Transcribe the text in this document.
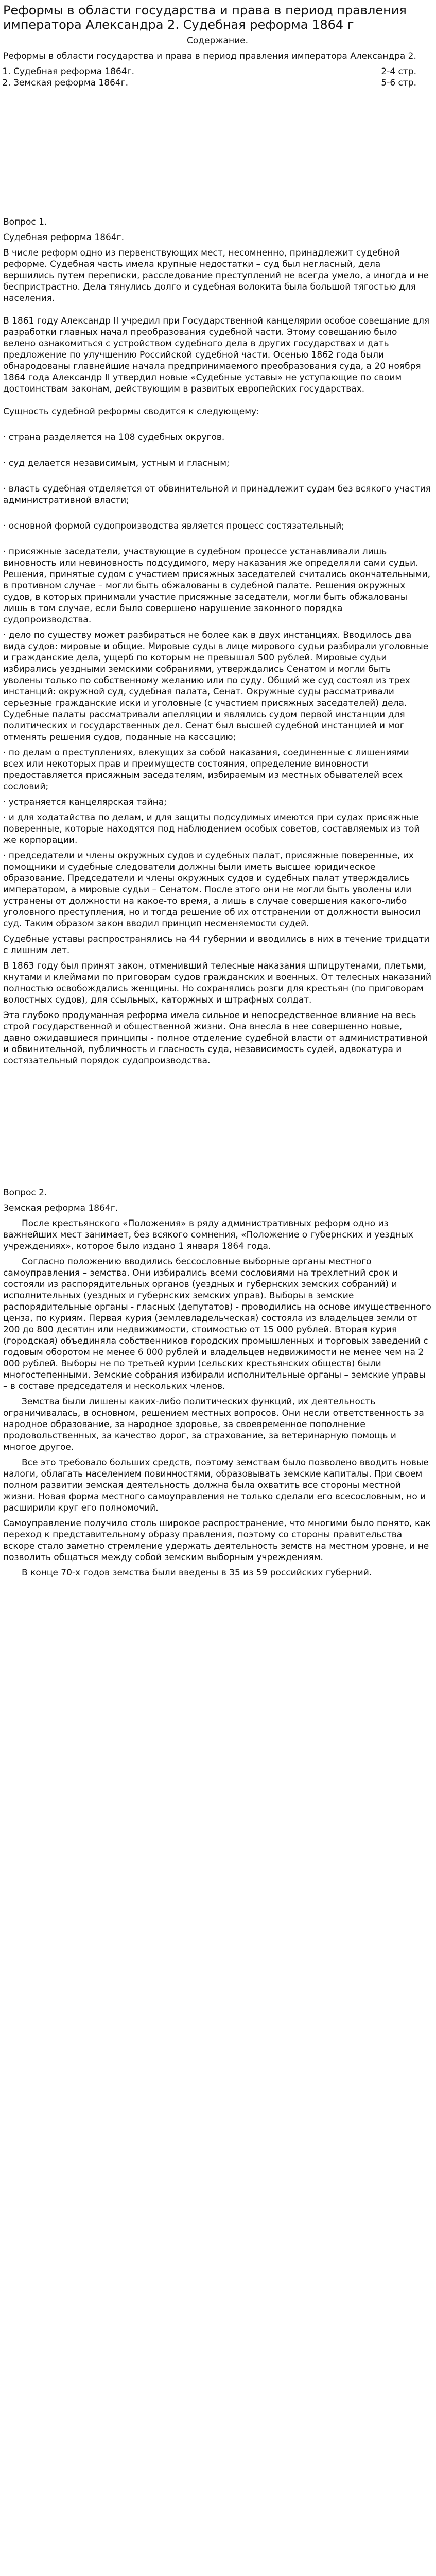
Реформы в области государства и права в период правления императора Александра 2. Судебная реформа 1864 г
Содержание.

Реформы в области государства и права в период правления императора Александра 2.

1. Судебная реформа 1864г.	2-4 стр.
2. Земская реформа 1864г.	5-6 стр.

Вопрос 1.

Судебная реформа 1864г.

В числе реформ одно из первенствующих мест, несомненно, принадлежит судебной реформе. Судебная часть имела крупные недостатки – суд был негласный, дела вершились путем переписки, расследование преступлений не всегда умело, а иногда и не беспристрастно. Дела тянулись долго и судебная волокита была большой тягостью для населения.

В 1861 году Александр II учредил при Государственной канцелярии особое совещание для разработки главных начал преобразования судебной части. Этому совещанию было велено ознакомиться с устройством судебного дела в других государствах и дать предложение по улучшению Российской судебной части. Осенью 1862 года были обнародованы главнейшие начала предпринимаемого преобразования суда, а 20 ноября 1864 года Александр II утвердил новые «Судебные уставы» не уступающие по своим достоинствам законам, действующим в развитых европейских государствах.

Сущность судебной реформы сводится к следующему:

· страна разделяется на 108 судебных округов.

· суд делается независимым, устным и гласным;

· власть судебная отделяется от обвинительной и принадлежит судам без всякого участия административной власти;

· основной формой судопроизводства является процесс состязательный;

· присяжные заседатели, участвующие в судебном процессе устанавливали лишь виновность или невиновность подсудимого, меру наказания же определяли сами судьи. Решения, принятые судом с участием присяжных заседателей считались окончательными, в противном случае – могли быть обжалованы в судебной палате. Решения окружных судов, в которых принимали участие присяжные заседатели, могли быть обжалованы лишь в том случае, если было совершено нарушение законного порядка судопроизводства.

· дело по существу может разбираться не более как в двух инстанциях. Вводилось два вида судов: мировые и общие. Мировые суды в лице мирового судьи разбирали уголовные и гражданские дела, ущерб по которым не превышал 500 рублей. Мировые судьи избирались уездными земскими собраниями, утверждались Сенатом и могли быть уволены только по собственному желанию или по суду. Общий же суд состоял из трех инстанций: окружной суд, судебная палата, Сенат. Окружные суды рассматривали серьезные гражданские иски и уголовные (с участием присяжных заседателей) дела. Судебные палаты рассматривали апелляции и являлись судом первой инстанции для политических и государственных дел. Сенат был высшей судебной инстанцией и мог отменять решения судов, поданные на кассацию;

· по делам о преступлениях, влекущих за собой наказания, соединенные с лишениями всех или некоторых прав и преимуществ состояния, определение виновности предоставляется присяжным заседателям, избираемым из местных обывателей всех сословий;

· устраняется канцелярская тайна;

· и для ходатайства по делам, и для защиты подсудимых имеются при судах присяжные поверенные, которые находятся под наблюдением особых советов, составляемых из той же корпорации.

· председатели и члены окружных судов и судебных палат, присяжные поверенные, их помощники и судебные следователи должны были иметь высшее юридическое образование. Председатели и члены окружных судов и судебных палат утверждались императором, а мировые судьи – Сенатом. После этого они не могли быть уволены или устранены от должности на какое-то время, а лишь в случае совершения какого-либо уголовного преступления, но и тогда решение об их отстранении от должности выносил суд. Таким образом закон вводил принцип несменяемости судей.

Судебные уставы распространялись на 44 губернии и вводились в них в течение тридцати с лишним лет.

В 1863 году был принят закон, отменивший телесные наказания шпицрутенами, плетьми, кнутами и клеймами по приговорам судов гражданских и военных. От телесных наказаний полностью освобождались женщины. Но сохранялись розги для крестьян (по приговорам волостных судов), для ссыльных, каторжных и штрафных солдат.

Эта глубоко продуманная реформа имела сильное и непосредственное влияние на весь строй государственной и общественной жизни. Она внесла в нее совершенно новые, давно ожидавшиеся принципы - полное отделение судебной власти от административной и обвинительной, публичность и гласность суда, независимость судей, адвокатура и состязательный порядок судопроизводства.

Вопрос 2.

Земская реформа 1864г.

После крестьянского «Положения» в ряду административных реформ одно из важнейших мест занимает, без всякого сомнения, «Положение о губернских и уездных учреждениях», которое было издано 1 января 1864 года.

Согласно положению вводились бессословные выборные органы местного самоуправления – земства. Они избирались всеми сословиями на трехлетний срок и состояли из распорядительных органов (уездных и губернских земских собраний) и исполнительных (уездных и губернских земских управ). Выборы в земские распорядительные органы - гласных (депутатов) - проводились на основе имущественного ценза, по куриям. Первая курия (землевладельческая) состояла из владельцев земли от 200 до 800 десятин или недвижимости, стоимостью от 15 000 рублей. Вторая курия (городская) объединяла собственников городских промышленных и торговых заведений с годовым оборотом не менее 6 000 рублей и владельцев недвижимости не менее чем на 2 000 рублей. Выборы не по третьей курии (сельских крестьянских обществ) были многостепенными. Земские собрания избирали исполнительные органы – земские управы – в составе председателя и нескольких членов.

Земства были лишены каких-либо политических функций, их деятельность ограничивалась, в основном, решением местных вопросов. Они несли ответственность за народное образование, за народное здоровье, за своевременное пополнение продовольственных, за качество дорог, за страхование, за ветеринарную помощь и многое другое.

Все это требовало больших средств, поэтому земствам было позволено вводить новые налоги, облагать населением повинностями, образовывать земские капиталы. При своем полном развитии земская деятельность должна была охватить все стороны местной жизни. Новая форма местного самоуправления не только сделали его всесословным, но и расширили круг его полномочий.

Самоуправление получило столь широкое распространение, что многими было понято, как переход к представительному образу правления, поэтому со стороны правительства вскоре стало заметно стремление удержать деятельность земств на местном уровне, и не позволить общаться между собой земским выборным учреждениям.

В конце 70-х годов земства были введены в 35 из 59 российских губерний.
